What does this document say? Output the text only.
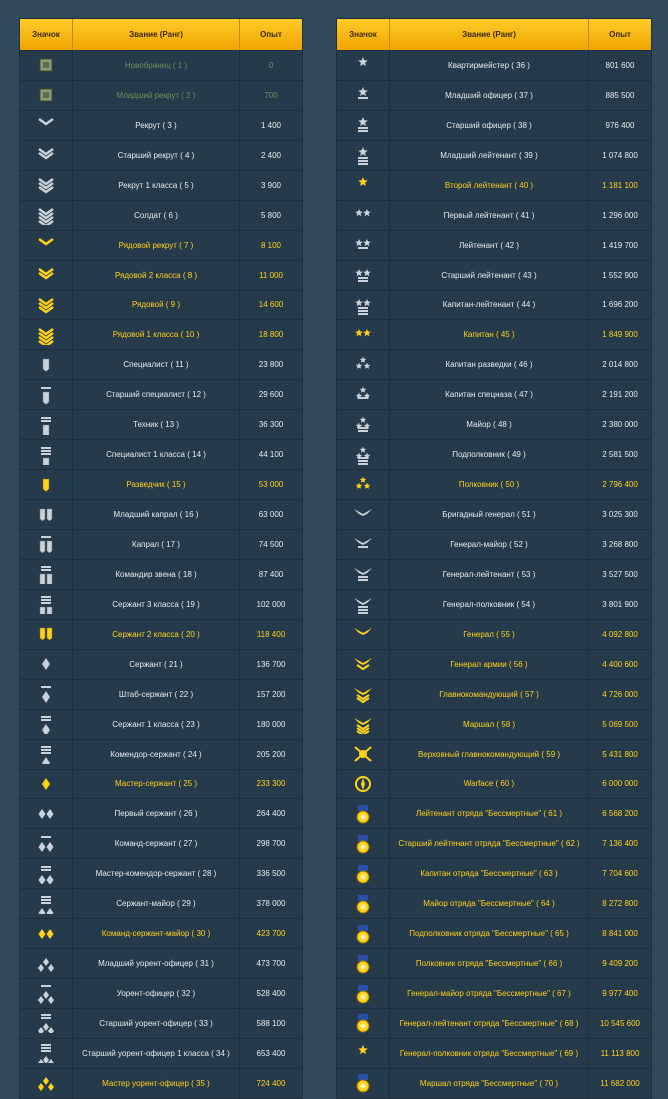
Значок	Звание (Ранг)	Опыт
Новобранец ( 1 )	0
Младший рекрут ( 2 )	700
Рекрут ( 3 )	1 400
Старший рекрут ( 4 )	2 400
Рекрут 1 класса ( 5 )	3 900
Солдат ( 6 )	5 800
Рядовой рекрут ( 7 )	8 100
Рядовой 2 класса ( 8 )	11 000
Рядовой ( 9 )	14 600
Рядовой 1 класса ( 10 )	18 800
Специалист ( 11 )	23 800
Старший специалист ( 12 )	29 600
Техник ( 13 )	36 300
Специалист 1 класса ( 14 )	44 100
Разведчик ( 15 )	53 000
Младший капрал ( 16 )	63 000
Капрал ( 17 )	74 500
Командир звена ( 18 )	87 400
Сержант 3 класса ( 19 )	102 000
Сержант 2 класса ( 20 )	118 400
Сержант ( 21 )	136 700
Штаб-сержант ( 22 )	157 200
Сержант 1 класса ( 23 )	180 000
Комендор-сержант ( 24 )	205 200
Мастер-сержант ( 25 )	233 300
Первый сержант ( 26 )	264 400
Команд-сержант ( 27 )	298 700
Мастер-комендор-сержант ( 28 )	336 500
Сержант-майор ( 29 )	378 000
Команд-сержант-майор ( 30 )	423 700
Младший уорент-офицер ( 31 )	473 700
Уорент-офицер ( 32 )	528 400
Старший уорент-офицер ( 33 )	588 100
Старший уорент-офицер 1 класса ( 34 )	653 400
Мастер уорент-офицер ( 35 )	724 400
Значок	Звание (Ранг)	Опыт
Квартирмейстер ( 36 )	801 600
Младший офицер ( 37 )	885 500
Старший офицер ( 38 )	976 400
Младший лейтенант ( 39 )	1 074 800
Второй лейтенант ( 40 )	1 181 100
Первый лейтенант ( 41 )	1 296 000
Лейтенант ( 42 )	1 419 700
Старший лейтенант ( 43 )	1 552 900
Капитан-лейтенант ( 44 )	1 696 200
Капитан ( 45 )	1 849 900
Капитан разведки ( 46 )	2 014 800
Капитан спецназа ( 47 )	2 191 200
Майор ( 48 )	2 380 000
Подполковник ( 49 )	2 581 500
Полковник ( 50 )	2 796 400
Бригадный генерал ( 51 )	3 025 300
Генерал-майор ( 52 )	3 268 800
Генерал-лейтенант ( 53 )	3 527 500
Генерал-полковник ( 54 )	3 801 900
Генерал ( 55 )	4 092 800
Генерал армии ( 56 )	4 400 600
Главнокомандующий ( 57 )	4 726 000
Маршал ( 58 )	5 069 500
Верховный главнокомандующий ( 59 )	5 431 800
Warface ( 60 )	6 000 000
Лейтенант отряда "Бессмертные" ( 61 )	6 568 200
Старший лейтенант отряда "Бессмертные" ( 62 )	7 136 400
Капитан отряда "Бессмертные" ( 63 )	7 704 600
Майор отряда "Бессмертные" ( 64 )	8 272 800
Подполковник отряда "Бессмертные" ( 65 )	8 841 000
Полковник отряда "Бессмертные" ( 66 )	9 409 200
Генерал-майор отряда "Бессмертные" ( 67 )	9 977 400
Генерал-лейтенант отряда "Бессмертные" ( 68 )	10 545 600
Генерал-полковник отряда "Бессмертные" ( 69 )	11 113 800
Маршал отряда "Бессмертные" ( 70 )	11 682 000
